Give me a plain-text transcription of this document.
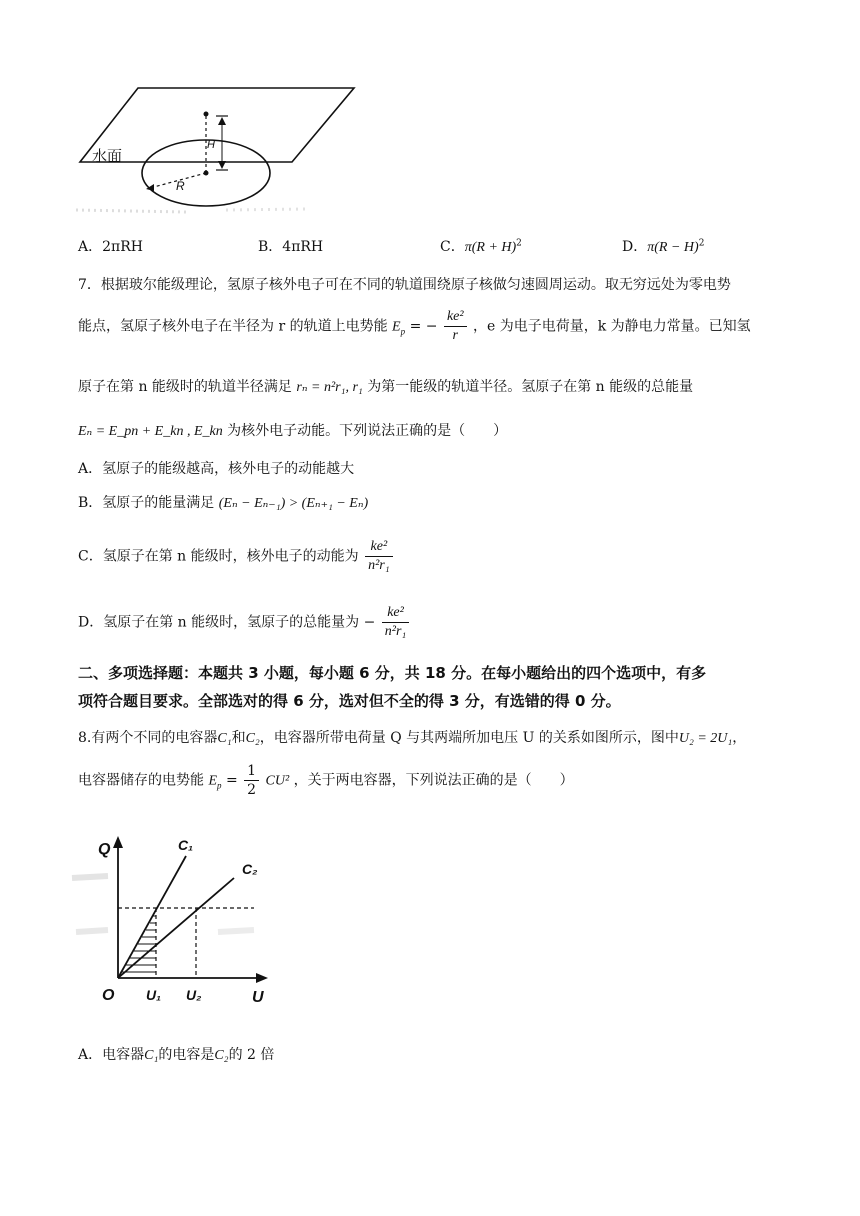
水面
H
R
A．2πRH	B．4πRH	C．$\pi(R + H)^2$	D．$\pi(R - H)^2$
7．根据玻尔能级理论，氢原子核外电子可在不同的轨道围绕原子核做匀速圆周运动。取无穷远处为零电势
能点，氢原子核外电子在半径为 r 的轨道上电势能 $E_p$ = − $\frac{\text{ke²}}{r}$ ，e 为电子电荷量，k 为静电力常量。已知氢
原子在第 n 能级时的轨道半径满足 rₙ = n²r₁, r₁ 为第一能级的轨道半径。氢原子在第 n 能级的总能量
Eₙ = E_pn + E_kn , E_kn 为核外电子动能。下列说法正确的是（　　）
A．氢原子的能级越高，核外电子的动能越大
B．氢原子的能量满足 (Eₙ − Eₙ₋₁) > (Eₙ₊₁ − Eₙ)
C．氢原子在第 n 能级时，核外电子的动能为 $\frac{\text{ke²}}{\text{n²r₁}}$
D．氢原子在第 n 能级时，氢原子的总能量为 − $\frac{\text{ke²}}{\text{n²r₁}}$
二、多项选择题：本题共 3 小题，每小题 6 分，共 18 分。在每小题给出的四个选项中，有多
项符合题目要求。全部选对的得 6 分，选对但不全的得 3 分，有选错的得 0 分。
8.有两个不同的电容器C₁和C₂，电容器所带电荷量 Q 与其两端所加电压 U 的关系如图所示，图中U₂ = 2U₁，
电容器储存的电势能 $E_p = \frac{1}{2} CU^2$ ，关于两电容器，下列说法正确的是（　　）
Q
U
O
C₁
C₂
U₁ U₂
A．电容器C₁的电容是C₂的 2 倍
